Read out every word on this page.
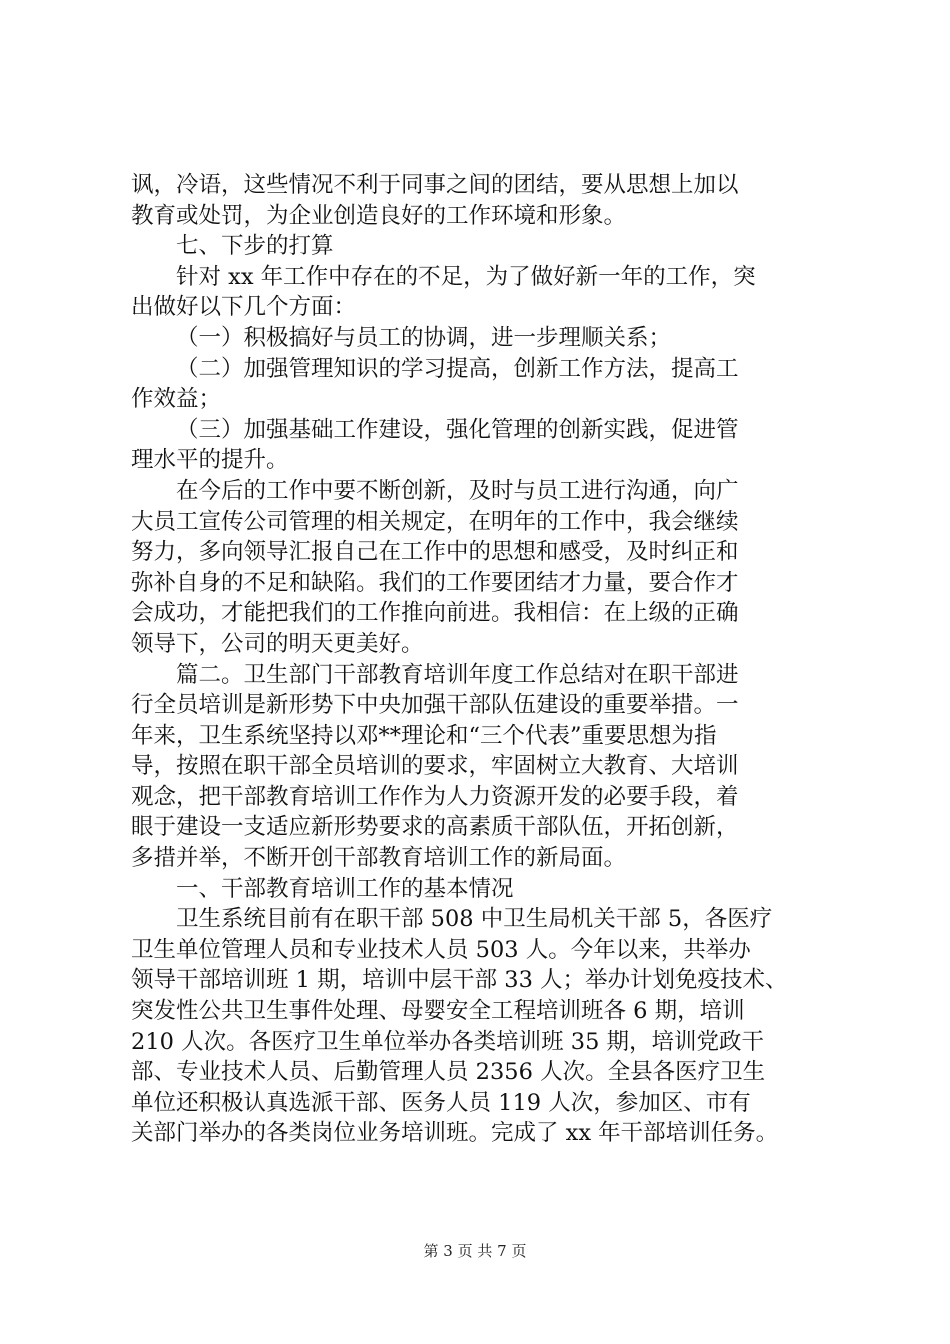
讽，冷语，这些情况不利于同事之间的团结，要从思想上加以
教育或处罚，为企业创造良好的工作环境和形象。
七、下步的打算
针对 xx 年工作中存在的不足，为了做好新一年的工作，突
出做好以下几个方面：
（一）积极搞好与员工的协调，进一步理顺关系；
（二）加强管理知识的学习提高，创新工作方法，提高工
作效益；
（三）加强基础工作建设，强化管理的创新实践，促进管
理水平的提升。
在今后的工作中要不断创新，及时与员工进行沟通，向广
大员工宣传公司管理的相关规定，在明年的工作中，我会继续
努力，多向领导汇报自己在工作中的思想和感受，及时纠正和
弥补自身的不足和缺陷。我们的工作要团结才力量，要合作才
会成功，才能把我们的工作推向前进。我相信：在上级的正确
领导下，公司的明天更美好。
篇二。卫生部门干部教育培训年度工作总结对在职干部进
行全员培训是新形势下中央加强干部队伍建设的重要举措。一
年来，卫生系统坚持以邓**理论和“三个代表”重要思想为指
导，按照在职干部全员培训的要求，牢固树立大教育、大培训
观念，把干部教育培训工作作为人力资源开发的必要手段，着
眼于建设一支适应新形势要求的高素质干部队伍，开拓创新，
多措并举，不断开创干部教育培训工作的新局面。
一、干部教育培训工作的基本情况
卫生系统目前有在职干部 508 中卫生局机关干部 5，各医疗
卫生单位管理人员和专业技术人员 503 人。今年以来，共举办
领导干部培训班 1 期，培训中层干部 33 人；举办计划免疫技术、
突发性公共卫生事件处理、母婴安全工程培训班各 6 期，培训
210 人次。各医疗卫生单位举办各类培训班 35 期，培训党政干
部、专业技术人员、后勤管理人员 2356 人次。全县各医疗卫生
单位还积极认真选派干部、医务人员 119 人次，参加区、市有
关部门举办的各类岗位业务培训班。完成了 xx 年干部培训任务。
第 3 页 共 7 页
